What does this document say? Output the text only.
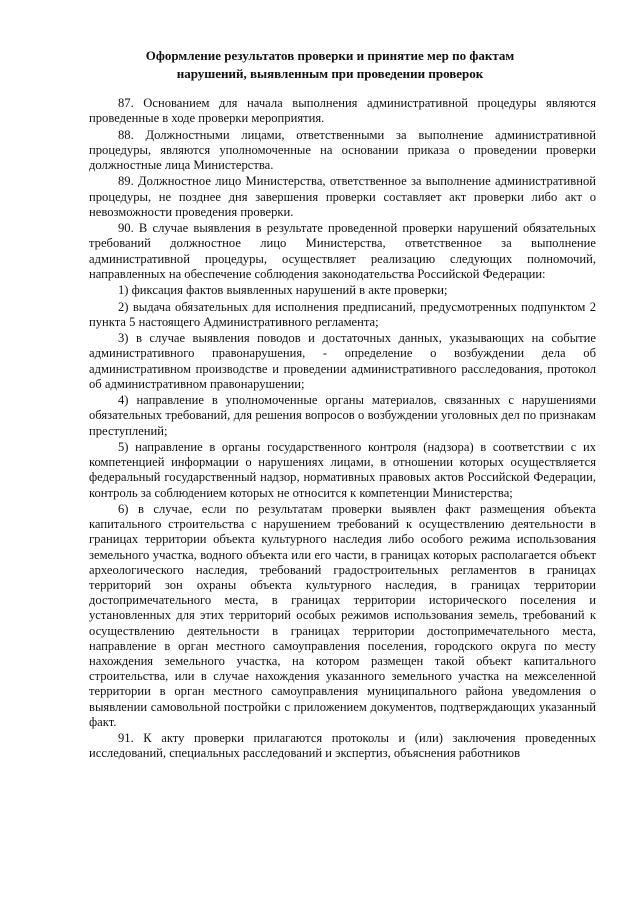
Оформление результатов проверки и принятие мер по фактам нарушений, выявленным при проведении проверок

87. Основанием для начала выполнения административной процедуры являются проведенные в ходе проверки мероприятия.

88. Должностными лицами, ответственными за выполнение административной процедуры, являются уполномоченные на основании приказа о проведении проверки должностные лица Министерства.

89. Должностное лицо Министерства, ответственное за выполнение административной процедуры, не позднее дня завершения проверки составляет акт проверки либо акт о невозможности проведения проверки.

90. В случае выявления в результате проведенной проверки нарушений обязательных требований должностное лицо Министерства, ответственное за выполнение административной процедуры, осуществляет реализацию следующих полномочий, направленных на обеспечение соблюдения законодательства Российской Федерации:

1) фиксация фактов выявленных нарушений в акте проверки;

2) выдача обязательных для исполнения предписаний, предусмотренных подпунктом 2 пункта 5 настоящего Административного регламента;

3) в случае выявления поводов и достаточных данных, указывающих на событие административного правонарушения, - определение о возбуждении дела об административном производстве и проведении административного расследования, протокол об административном правонарушении;

4) направление в уполномоченные органы материалов, связанных с нарушениями обязательных требований, для решения вопросов о возбуждении уголовных дел по признакам преступлений;

5) направление в органы государственного контроля (надзора) в соответствии с их компетенцией информации о нарушениях лицами, в отношении которых осуществляется федеральный государственный надзор, нормативных правовых актов Российской Федерации, контроль за соблюдением которых не относится к компетенции Министерства;

6) в случае, если по результатам проверки выявлен факт размещения объекта капитального строительства с нарушением требований к осуществлению деятельности в границах территории объекта культурного наследия либо особого режима использования земельного участка, водного объекта или его части, в границах которых располагается объект археологического наследия, требований градостроительных регламентов в границах территорий зон охраны объекта культурного наследия, в границах территории достопримечательного места, в границах территории исторического поселения и установленных для этих территорий особых режимов использования земель, требований к осуществлению деятельности в границах территории достопримечательного места, направление в орган местного самоуправления поселения, городского округа по месту нахождения земельного участка, на котором размещен такой объект капитального строительства, или в случае нахождения указанного земельного участка на межселенной территории в орган местного самоуправления муниципального района уведомления о выявлении самовольной постройки с приложением документов, подтверждающих указанный факт.

91. К акту проверки прилагаются протоколы и (или) заключения проведенных исследований, специальных расследований и экспертиз, объяснения работников
